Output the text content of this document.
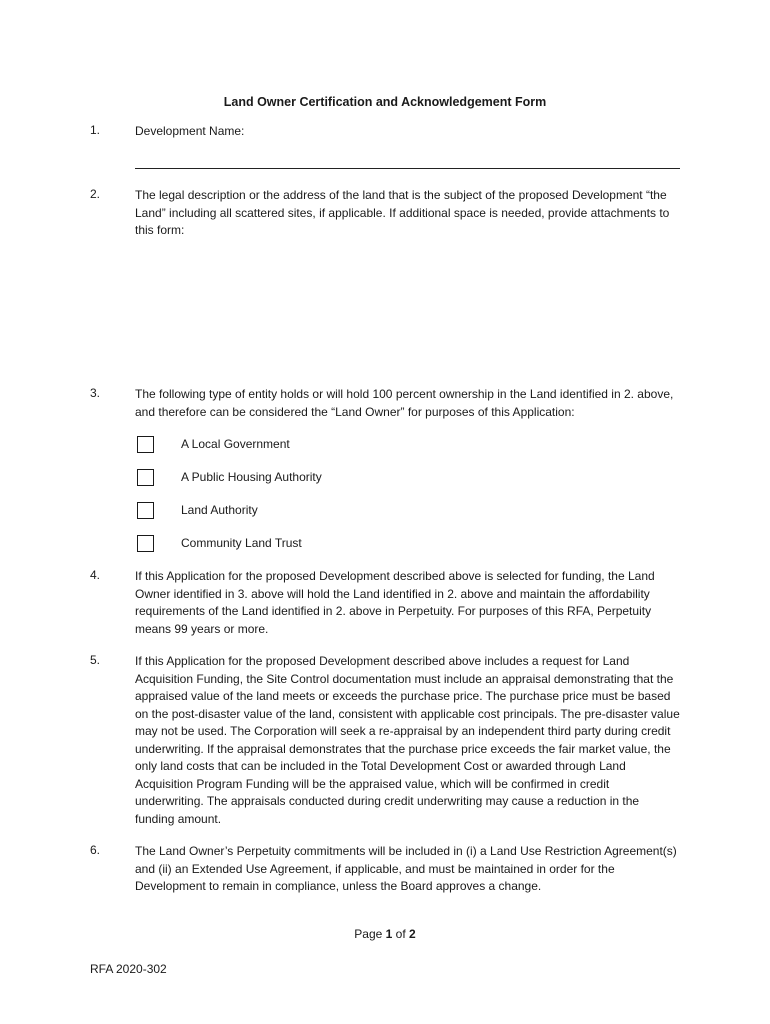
Land Owner Certification and Acknowledgement Form
1.	Development Name:
2.	The legal description or the address of the land that is the subject of the proposed Development “the Land” including all scattered sites, if applicable. If additional space is needed, provide attachments to this form:
3.	The following type of entity holds or will hold 100 percent ownership in the Land identified in 2. above, and therefore can be considered the “Land Owner” for purposes of this Application:
A Local Government
A Public Housing Authority
Land Authority
Community Land Trust
4.	If this Application for the proposed Development described above is selected for funding, the Land Owner identified in 3. above will hold the Land identified in 2. above and maintain the affordability requirements of the Land identified in 2. above in Perpetuity. For purposes of this RFA, Perpetuity means 99 years or more.
5.	If this Application for the proposed Development described above includes a request for Land Acquisition Funding, the Site Control documentation must include an appraisal demonstrating that the appraised value of the land meets or exceeds the purchase price. The purchase price must be based on the post-disaster value of the land, consistent with applicable cost principals. The pre-disaster value may not be used. The Corporation will seek a re-appraisal by an independent third party during credit underwriting. If the appraisal demonstrates that the purchase price exceeds the fair market value, the only land costs that can be included in the Total Development Cost or awarded through Land Acquisition Program Funding will be the appraised value, which will be confirmed in credit underwriting. The appraisals conducted during credit underwriting may cause a reduction in the funding amount.
6.	The Land Owner’s Perpetuity commitments will be included in (i) a Land Use Restriction Agreement(s) and (ii) an Extended Use Agreement, if applicable, and must be maintained in order for the Development to remain in compliance, unless the Board approves a change.
Page 1 of 2
RFA 2020-302
